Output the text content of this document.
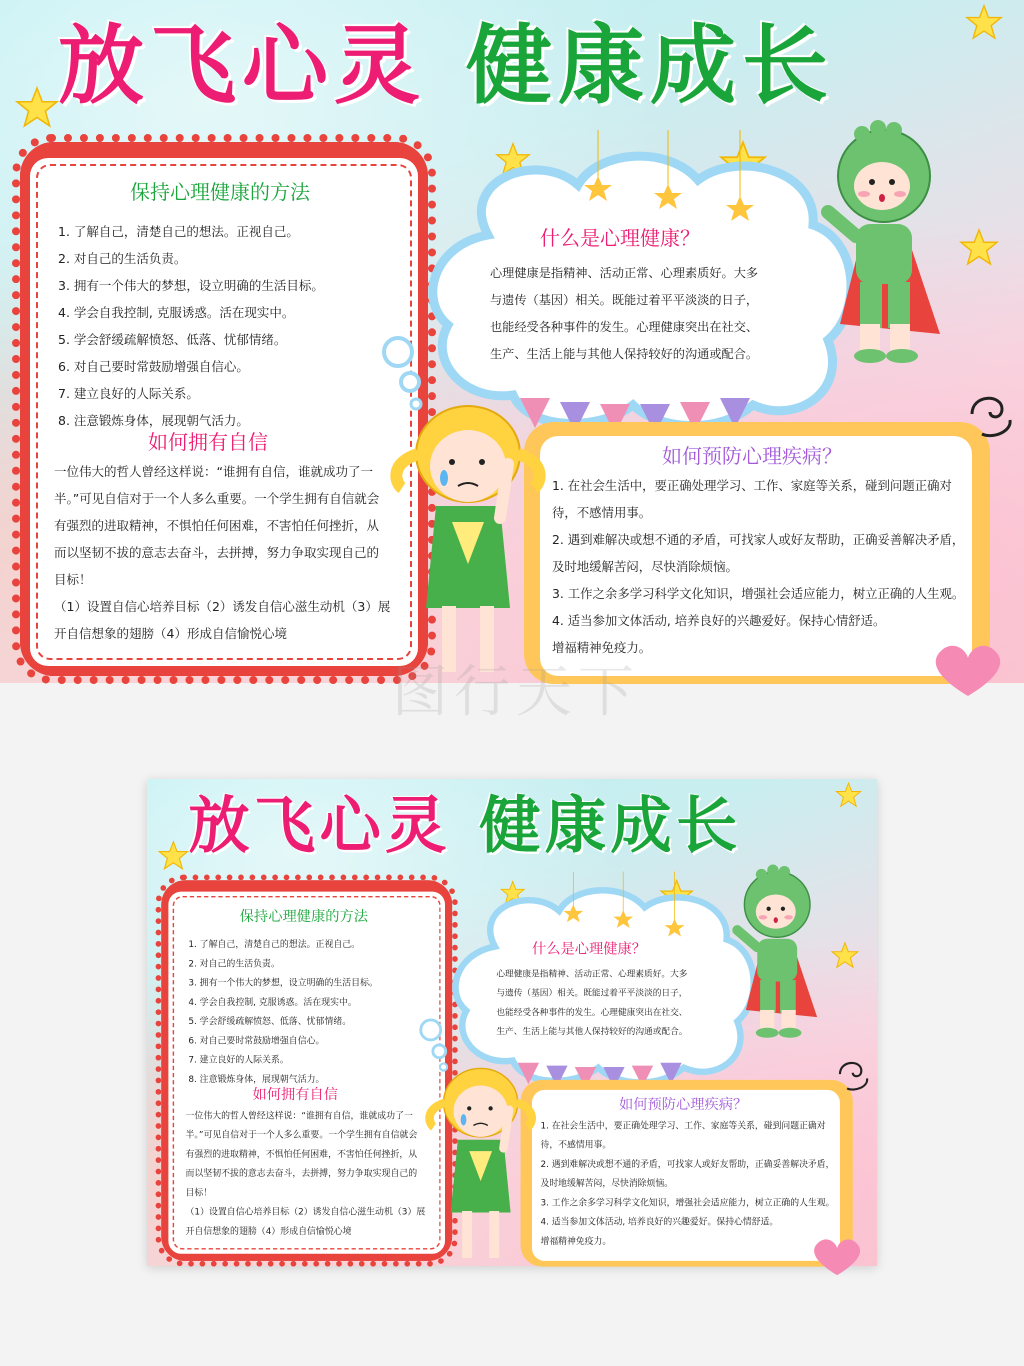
放飞心灵 健康成长
保持心理健康的方法
1. 了解自己，清楚自己的想法。正视自己。
2. 对自己的生活负责。
3. 拥有一个伟大的梦想，设立明确的生活目标。
4. 学会自我控制, 克服诱惑。活在现实中。
5. 学会舒缓疏解愤怒、低落、忧郁情绪。
6. 对自己要时常鼓励增强自信心。
7. 建立良好的人际关系。
8. 注意锻炼身体，展现朝气活力。
如何拥有自信
一位伟大的哲人曾经这样说：“谁拥有自信，谁就成功了一
半。”可见自信对于一个人多么重要。一个学生拥有自信就会
有强烈的进取精神，不惧怕任何困难，不害怕任何挫折，从
而以坚韧不拔的意志去奋斗，去拼搏，努力争取实现自己的
目标！
（1）设置自信心培养目标（2）诱发自信心滋生动机（3）展
开自信想象的翅膀（4）形成自信愉悦心境
什么是心理健康？
心理健康是指精神、活动正常、心理素质好。大多
与遗传（基因）相关。既能过着平平淡淡的日子，
也能经受各种事件的发生。心理健康突出在社交、
生产、生活上能与其他人保持较好的沟通或配合。
如何预防心理疾病？
1. 在社会生活中，要正确处理学习、工作、家庭等关系，碰到问题正确对
待，不感情用事。
2. 遇到难解决或想不通的矛盾，可找家人或好友帮助，正确妥善解决矛盾，
及时地缓解苦闷，尽快消除烦恼。
3. 工作之余多学习科学文化知识，增强社会适应能力，树立正确的人生观。
4. 适当参加文体活动, 培养良好的兴趣爱好。保持心情舒适。
增福精神免疫力。
图行天下
放飞心灵 健康成长
保持心理健康的方法
1. 了解自己，清楚自己的想法。正视自己。
2. 对自己的生活负责。
3. 拥有一个伟大的梦想，设立明确的生活目标。
4. 学会自我控制, 克服诱惑。活在现实中。
5. 学会舒缓疏解愤怒、低落、忧郁情绪。
6. 对自己要时常鼓励增强自信心。
7. 建立良好的人际关系。
8. 注意锻炼身体，展现朝气活力。
如何拥有自信
一位伟大的哲人曾经这样说：“谁拥有自信，谁就成功了一
半。”可见自信对于一个人多么重要。一个学生拥有自信就会
有强烈的进取精神，不惧怕任何困难，不害怕任何挫折，从
而以坚韧不拔的意志去奋斗，去拼搏，努力争取实现自己的
目标！
（1）设置自信心培养目标（2）诱发自信心滋生动机（3）展
开自信想象的翅膀（4）形成自信愉悦心境
什么是心理健康？
心理健康是指精神、活动正常、心理素质好。大多
与遗传（基因）相关。既能过着平平淡淡的日子，
也能经受各种事件的发生。心理健康突出在社交、
生产、生活上能与其他人保持较好的沟通或配合。
如何预防心理疾病？
1. 在社会生活中，要正确处理学习、工作、家庭等关系，碰到问题正确对
待，不感情用事。
2. 遇到难解决或想不通的矛盾，可找家人或好友帮助，正确妥善解决矛盾，
及时地缓解苦闷，尽快消除烦恼。
3. 工作之余多学习科学文化知识，增强社会适应能力，树立正确的人生观。
4. 适当参加文体活动, 培养良好的兴趣爱好。保持心情舒适。
增福精神免疫力。
